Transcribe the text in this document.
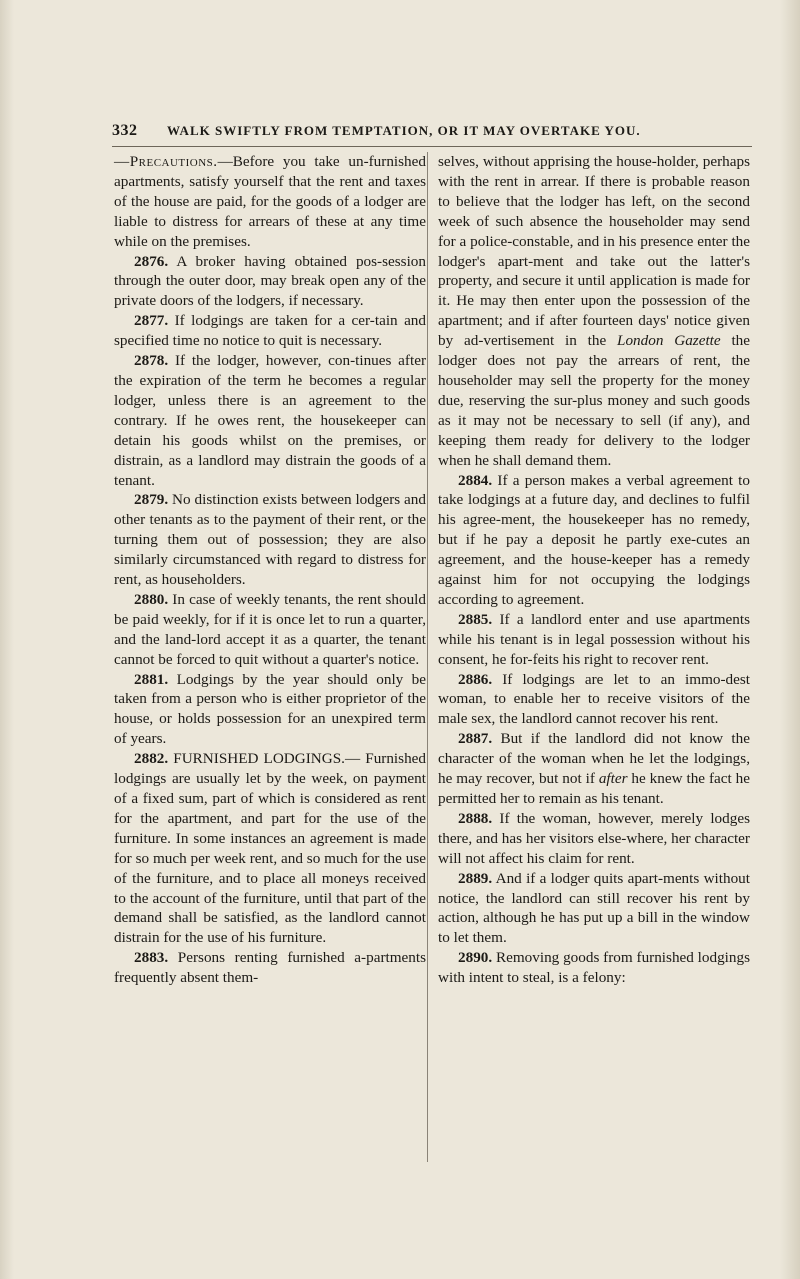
332 WALK SWIFTLY FROM TEMPTATION, OR IT MAY OVERTAKE YOU.

—Precautions.—Before you take un-furnished apartments, satisfy yourself that the rent and taxes of the house are paid, for the goods of a lodger are liable to distress for arrears of these at any time while on the premises.

2876. A broker having obtained pos-session through the outer door, may break open any of the private doors of the lodgers, if necessary.

2877. If lodgings are taken for a cer-tain and specified time no notice to quit is necessary.

2878. If the lodger, however, con-tinues after the expiration of the term he becomes a regular lodger, unless there is an agreement to the contrary. If he owes rent, the housekeeper can detain his goods whilst on the premises, or distrain, as a landlord may distrain the goods of a tenant.

2879. No distinction exists between lodgers and other tenants as to the payment of their rent, or the turning them out of possession; they are also similarly circumstanced with regard to distress for rent, as householders.

2880. In case of weekly tenants, the rent should be paid weekly, for if it is once let to run a quarter, and the land-lord accept it as a quarter, the tenant cannot be forced to quit without a quarter's notice.

2881. Lodgings by the year should only be taken from a person who is either proprietor of the house, or holds possession for an unexpired term of years.

2882. FURNISHED LODGINGS.— Furnished lodgings are usually let by the week, on payment of a fixed sum, part of which is considered as rent for the apartment, and part for the use of the furniture. In some instances an agreement is made for so much per week rent, and so much for the use of the furniture, and to place all moneys received to the account of the furniture, until that part of the demand shall be satisfied, as the landlord cannot distrain for the use of his furniture.

2883. Persons renting furnished a-partments frequently absent them-

selves, without apprising the house-holder, perhaps with the rent in arrear. If there is probable reason to believe that the lodger has left, on the second week of such absence the householder may send for a police-constable, and in his presence enter the lodger's apart-ment and take out the latter's property, and secure it until application is made for it. He may then enter upon the possession of the apartment; and if after fourteen days' notice given by ad-vertisement in the London Gazette the lodger does not pay the arrears of rent, the householder may sell the property for the money due, reserving the sur-plus money and such goods as it may not be necessary to sell (if any), and keeping them ready for delivery to the lodger when he shall demand them.

2884. If a person makes a verbal agreement to take lodgings at a future day, and declines to fulfil his agree-ment, the housekeeper has no remedy, but if he pay a deposit he partly exe-cutes an agreement, and the house-keeper has a remedy against him for not occupying the lodgings according to agreement.

2885. If a landlord enter and use apartments while his tenant is in legal possession without his consent, he for-feits his right to recover rent.

2886. If lodgings are let to an immo-dest woman, to enable her to receive visitors of the male sex, the landlord cannot recover his rent.

2887. But if the landlord did not know the character of the woman when he let the lodgings, he may recover, but not if after he knew the fact he permitted her to remain as his tenant.

2888. If the woman, however, merely lodges there, and has her visitors else-where, her character will not affect his claim for rent.

2889. And if a lodger quits apart-ments without notice, the landlord can still recover his rent by action, although he has put up a bill in the window to let them.

2890. Removing goods from furnished lodgings with intent to steal, is a felony:
